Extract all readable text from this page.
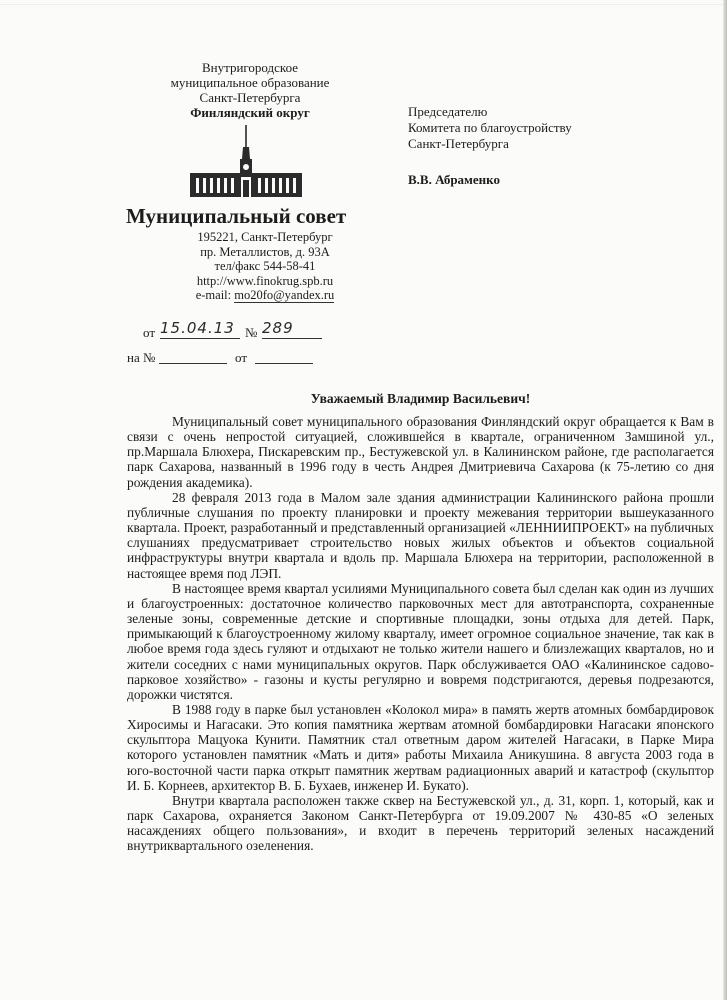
Внутригородское
муниципальное образование
Санкт-Петербурга
Финляндский округ
Муниципальный совет
195221, Санкт-Петербург
пр. Металлистов, д. 93А
тел/факс 544-58-41
http://www.finokrug.spb.ru
e-mail: mo20fo@yandex.ru
от 15.04.13 № 289
на №	от
Председателю
Комитета по благоустройству
Санкт-Петербурга
В.В. Абраменко
Уважаемый Владимир Васильевич!

Муниципальный совет муниципального образования Финляндский округ обращается к Вам в связи с очень непростой ситуацией, сложившейся в квартале, ограниченном Замшиной ул., пр.Маршала Блюхера, Пискаревским пр., Бестужевской ул. в Калининском районе, где располагается парк Сахарова, названный в 1996 году в честь Андрея Дмитриевича Сахарова (к 75-летию со дня рождения академика).

28 февраля 2013 года в Малом зале здания администрации Калининского района прошли публичные слушания по проекту планировки и проекту межевания территории вышеуказанного квартала. Проект, разработанный и представленный организацией «ЛЕННИИПРОЕКТ» на публичных слушаниях предусматривает строительство новых жилых объектов и объектов социальной инфраструктуры внутри квартала и вдоль пр. Маршала Блюхера на территории, расположенной в настоящее время под ЛЭП.

В настоящее время квартал усилиями Муниципального совета был сделан как один из лучших и благоустроенных: достаточное количество парковочных мест для автотранспорта, сохраненные зеленые зоны, современные детские и спортивные площадки, зоны отдыха для детей. Парк, примыкающий к благоустроенному жилому кварталу, имеет огромное социальное значение, так как в любое время года здесь гуляют и отдыхают не только жители нашего и близлежащих кварталов, но и жители соседних с нами муниципальных округов. Парк обслуживается ОАО «Калининское садово-парковое хозяйство» - газоны и кусты регулярно и вовремя подстригаются, деревья подрезаются, дорожки чистятся.

В 1988 году в парке был установлен «Колокол мира» в память жертв атомных бомбардировок Хиросимы и Нагасаки. Это копия памятника жертвам атомной бомбардировки Нагасаки японского скульптора Мацуока Кунити. Памятник стал ответным даром жителей Нагасаки, в Парке Мира которого установлен памятник «Мать и дитя» работы Михаила Аникушина. 8 августа 2003 года в юго-восточной части парка открыт памятник жертвам радиационных аварий и катастроф (скульптор И. Б. Корнеев, архитектор В. Б. Бухаев, инженер И. Букато).

Внутри квартала расположен также сквер на Бестужевской ул., д. 31, корп. 1, который, как и парк Сахарова, охраняется Законом Санкт-Петербурга от 19.09.2007 № 430-85 «О зеленых насаждениях общего пользования», и входит в перечень территорий зеленых насаждений внутриквартального озеленения.
